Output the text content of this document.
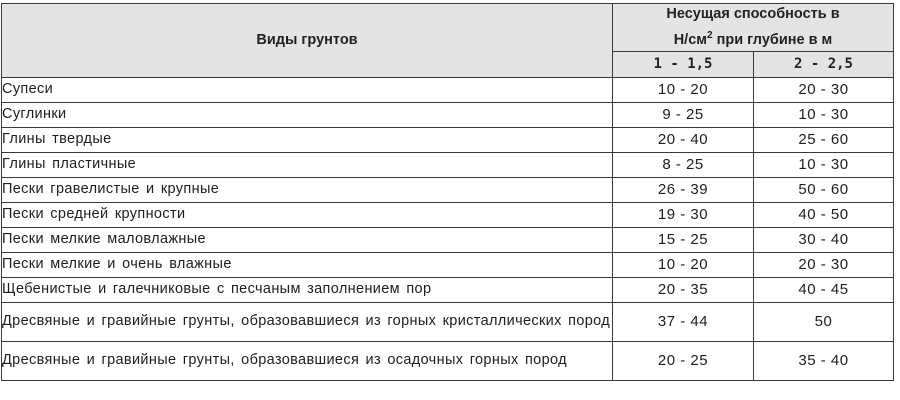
Виды грунтов	Несущая способность в
$Н/см^2$ при глубине в м	
	1 - 1,5	2 - 2,5
Супеси	10 - 20	20 - 30
Суглинки	9 - 25	10 - 30
Глины твердые	20 - 40	25 - 60
Глины пластичные	8 - 25	10 - 30
Пески гравелистые и крупные	26 - 39	50 - 60
Пески средней крупности	19 - 30	40 - 50
Пески мелкие маловлажные	15 - 25	30 - 40
Пески мелкие и очень влажные	10 - 20	20 - 30
Щебенистые и галечниковые с песчаным заполнением пор	20 - 35	40 - 45
Дресвяные и гравийные грунты, образовавшиеся из горных кристаллических пород	37 - 44	50
Дресвяные и гравийные грунты, образовавшиеся из осадочных горных пород	20 - 25	35 - 40
